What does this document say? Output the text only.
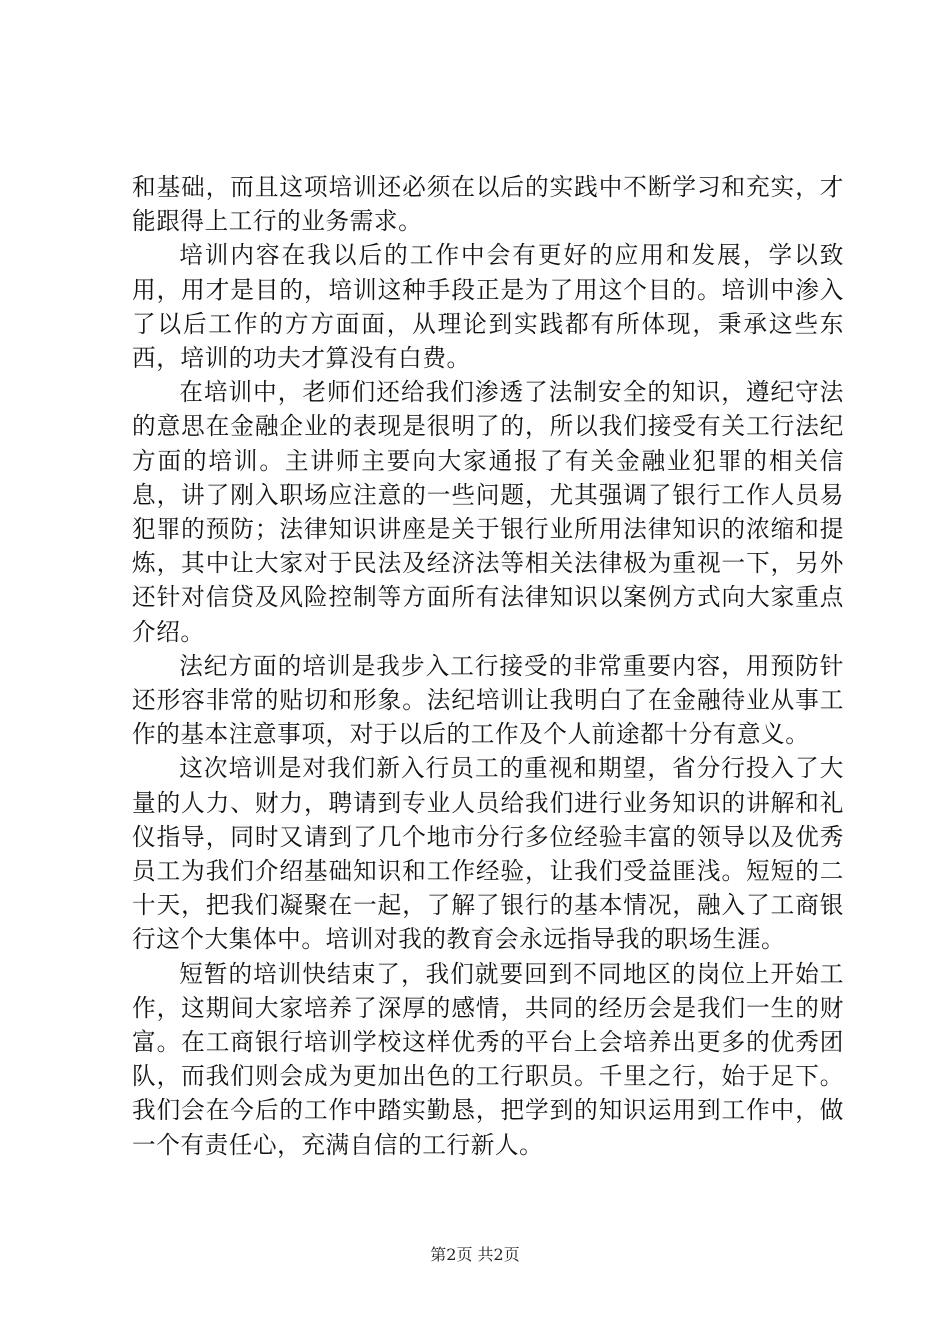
和基础，而且这项培训还必须在以后的实践中不断学习和充实，才能跟得上工行的业务需求。

培训内容在我以后的工作中会有更好的应用和发展，学以致用，用才是目的，培训这种手段正是为了用这个目的。培训中渗入了以后工作的方方面面，从理论到实践都有所体现，秉承这些东西，培训的功夫才算没有白费。

在培训中，老师们还给我们渗透了法制安全的知识，遵纪守法的意思在金融企业的表现是很明了的，所以我们接受有关工行法纪方面的培训。主讲师主要向大家通报了有关金融业犯罪的相关信息，讲了刚入职场应注意的一些问题，尤其强调了银行工作人员易犯罪的预防；法律知识讲座是关于银行业所用法律知识的浓缩和提炼，其中让大家对于民法及经济法等相关法律极为重视一下，另外还针对信贷及风险控制等方面所有法律知识以案例方式向大家重点介绍。

法纪方面的培训是我步入工行接受的非常重要内容，用预防针还形容非常的贴切和形象。法纪培训让我明白了在金融待业从事工作的基本注意事项，对于以后的工作及个人前途都十分有意义。

这次培训是对我们新入行员工的重视和期望，省分行投入了大量的人力、财力，聘请到专业人员给我们进行业务知识的讲解和礼仪指导，同时又请到了几个地市分行多位经验丰富的领导以及优秀员工为我们介绍基础知识和工作经验，让我们受益匪浅。短短的二十天，把我们凝聚在一起，了解了银行的基本情况，融入了工商银行这个大集体中。培训对我的教育会永远指导我的职场生涯。

短暂的培训快结束了，我们就要回到不同地区的岗位上开始工作，这期间大家培养了深厚的感情，共同的经历会是我们一生的财富。在工商银行培训学校这样优秀的平台上会培养出更多的优秀团队，而我们则会成为更加出色的工行职员。千里之行，始于足下。我们会在今后的工作中踏实勤恳，把学到的知识运用到工作中，做一个有责任心，充满自信的工行新人。

第2页 共2页
